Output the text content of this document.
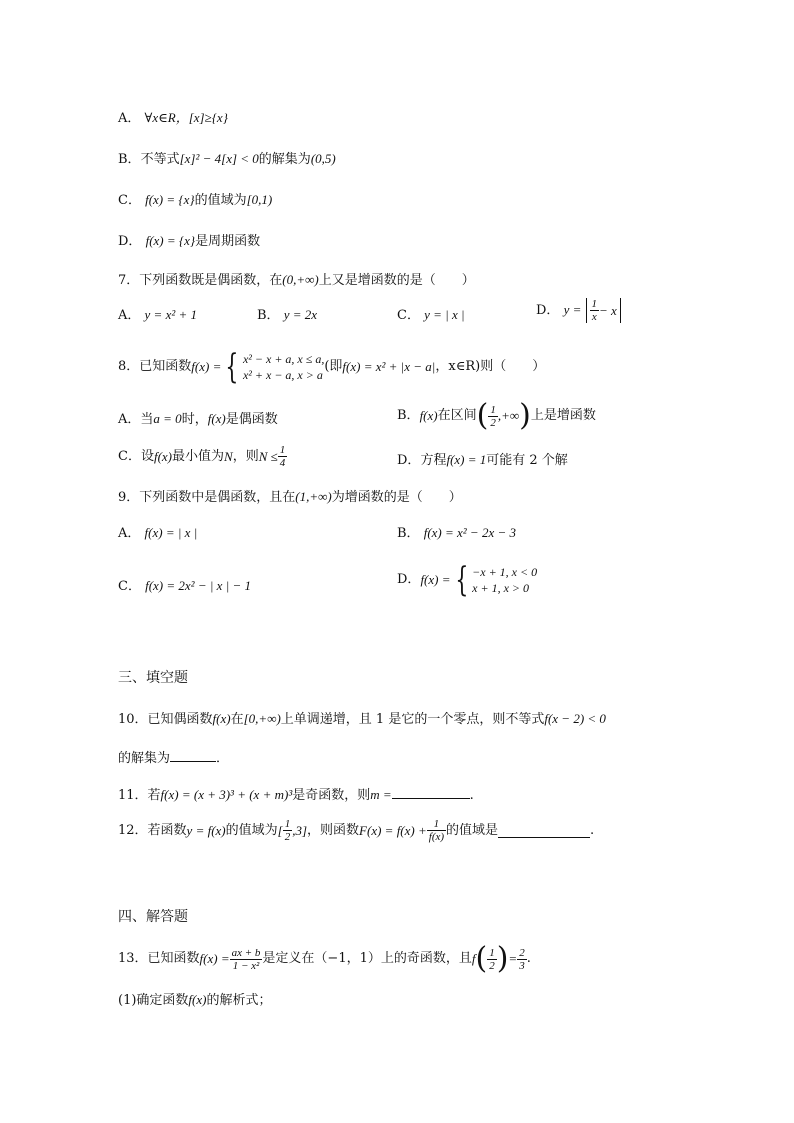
A． ∀x∈R，[x]≥{x}
B．不等式[x]² − 4[x] < 0的解集为(0,5)
C． f(x) = {x}的值域为[0,1)
D． f(x) = {x}是周期函数
7．下列函数既是偶函数，在(0,+∞)上又是增函数的是（　　）
A． y = x² + 1	B． y = 2x	C． y = | x |	D． $y = \frac{1}{x} - x$
8．已知函数 f(x) = { x² − x + a, x ≤ a,
x² + x − a, x > a
(即 f(x) = x² + |x − a| ，x∈R)则（　　）
A．当a = 0时，f(x)是偶函数	B． f(x) 在区间 ( $\frac{1}{2}$ ,+∞ ) 上是增函数
C． 设 f(x) 最小值为 N ，则 $N \le \frac{1}{4}$	D．方程f(x) = 1可能有 2 个解
9．下列函数中是偶函数，且在(1,+∞)为增函数的是（　　）
A． f(x) = | x |	B． f(x) = x² − 2x − 3
C． f(x) = 2x² − | x | − 1	D． f(x) = { −x + 1, x < 0
x + 1, x > 0
三、填空题
10．已知偶函数f(x)在[0,+∞)上单调递增，且 1 是它的一个零点，则不等式f(x − 2) < 0
的解集为	．
11．若f(x) = (x + 3)³ + (x + m)³是奇函数，则m =	.
12．若函数 y = f(x) 的值域为 [ $\frac{1}{2} ,3$] ，则函数 $F(x) = f(x) + \frac{1}{f(x)}$ 的值域是	.
四、解答题
13．已知函数 $f(x) = \frac{ax + b}{\text{1 − x²}}$ 是定义在（−1，1）上的奇函数，且 f ( $\frac{1}{2}$ ) = $\frac{2}{3}$ .
(1)确定函数f(x)的解析式；
